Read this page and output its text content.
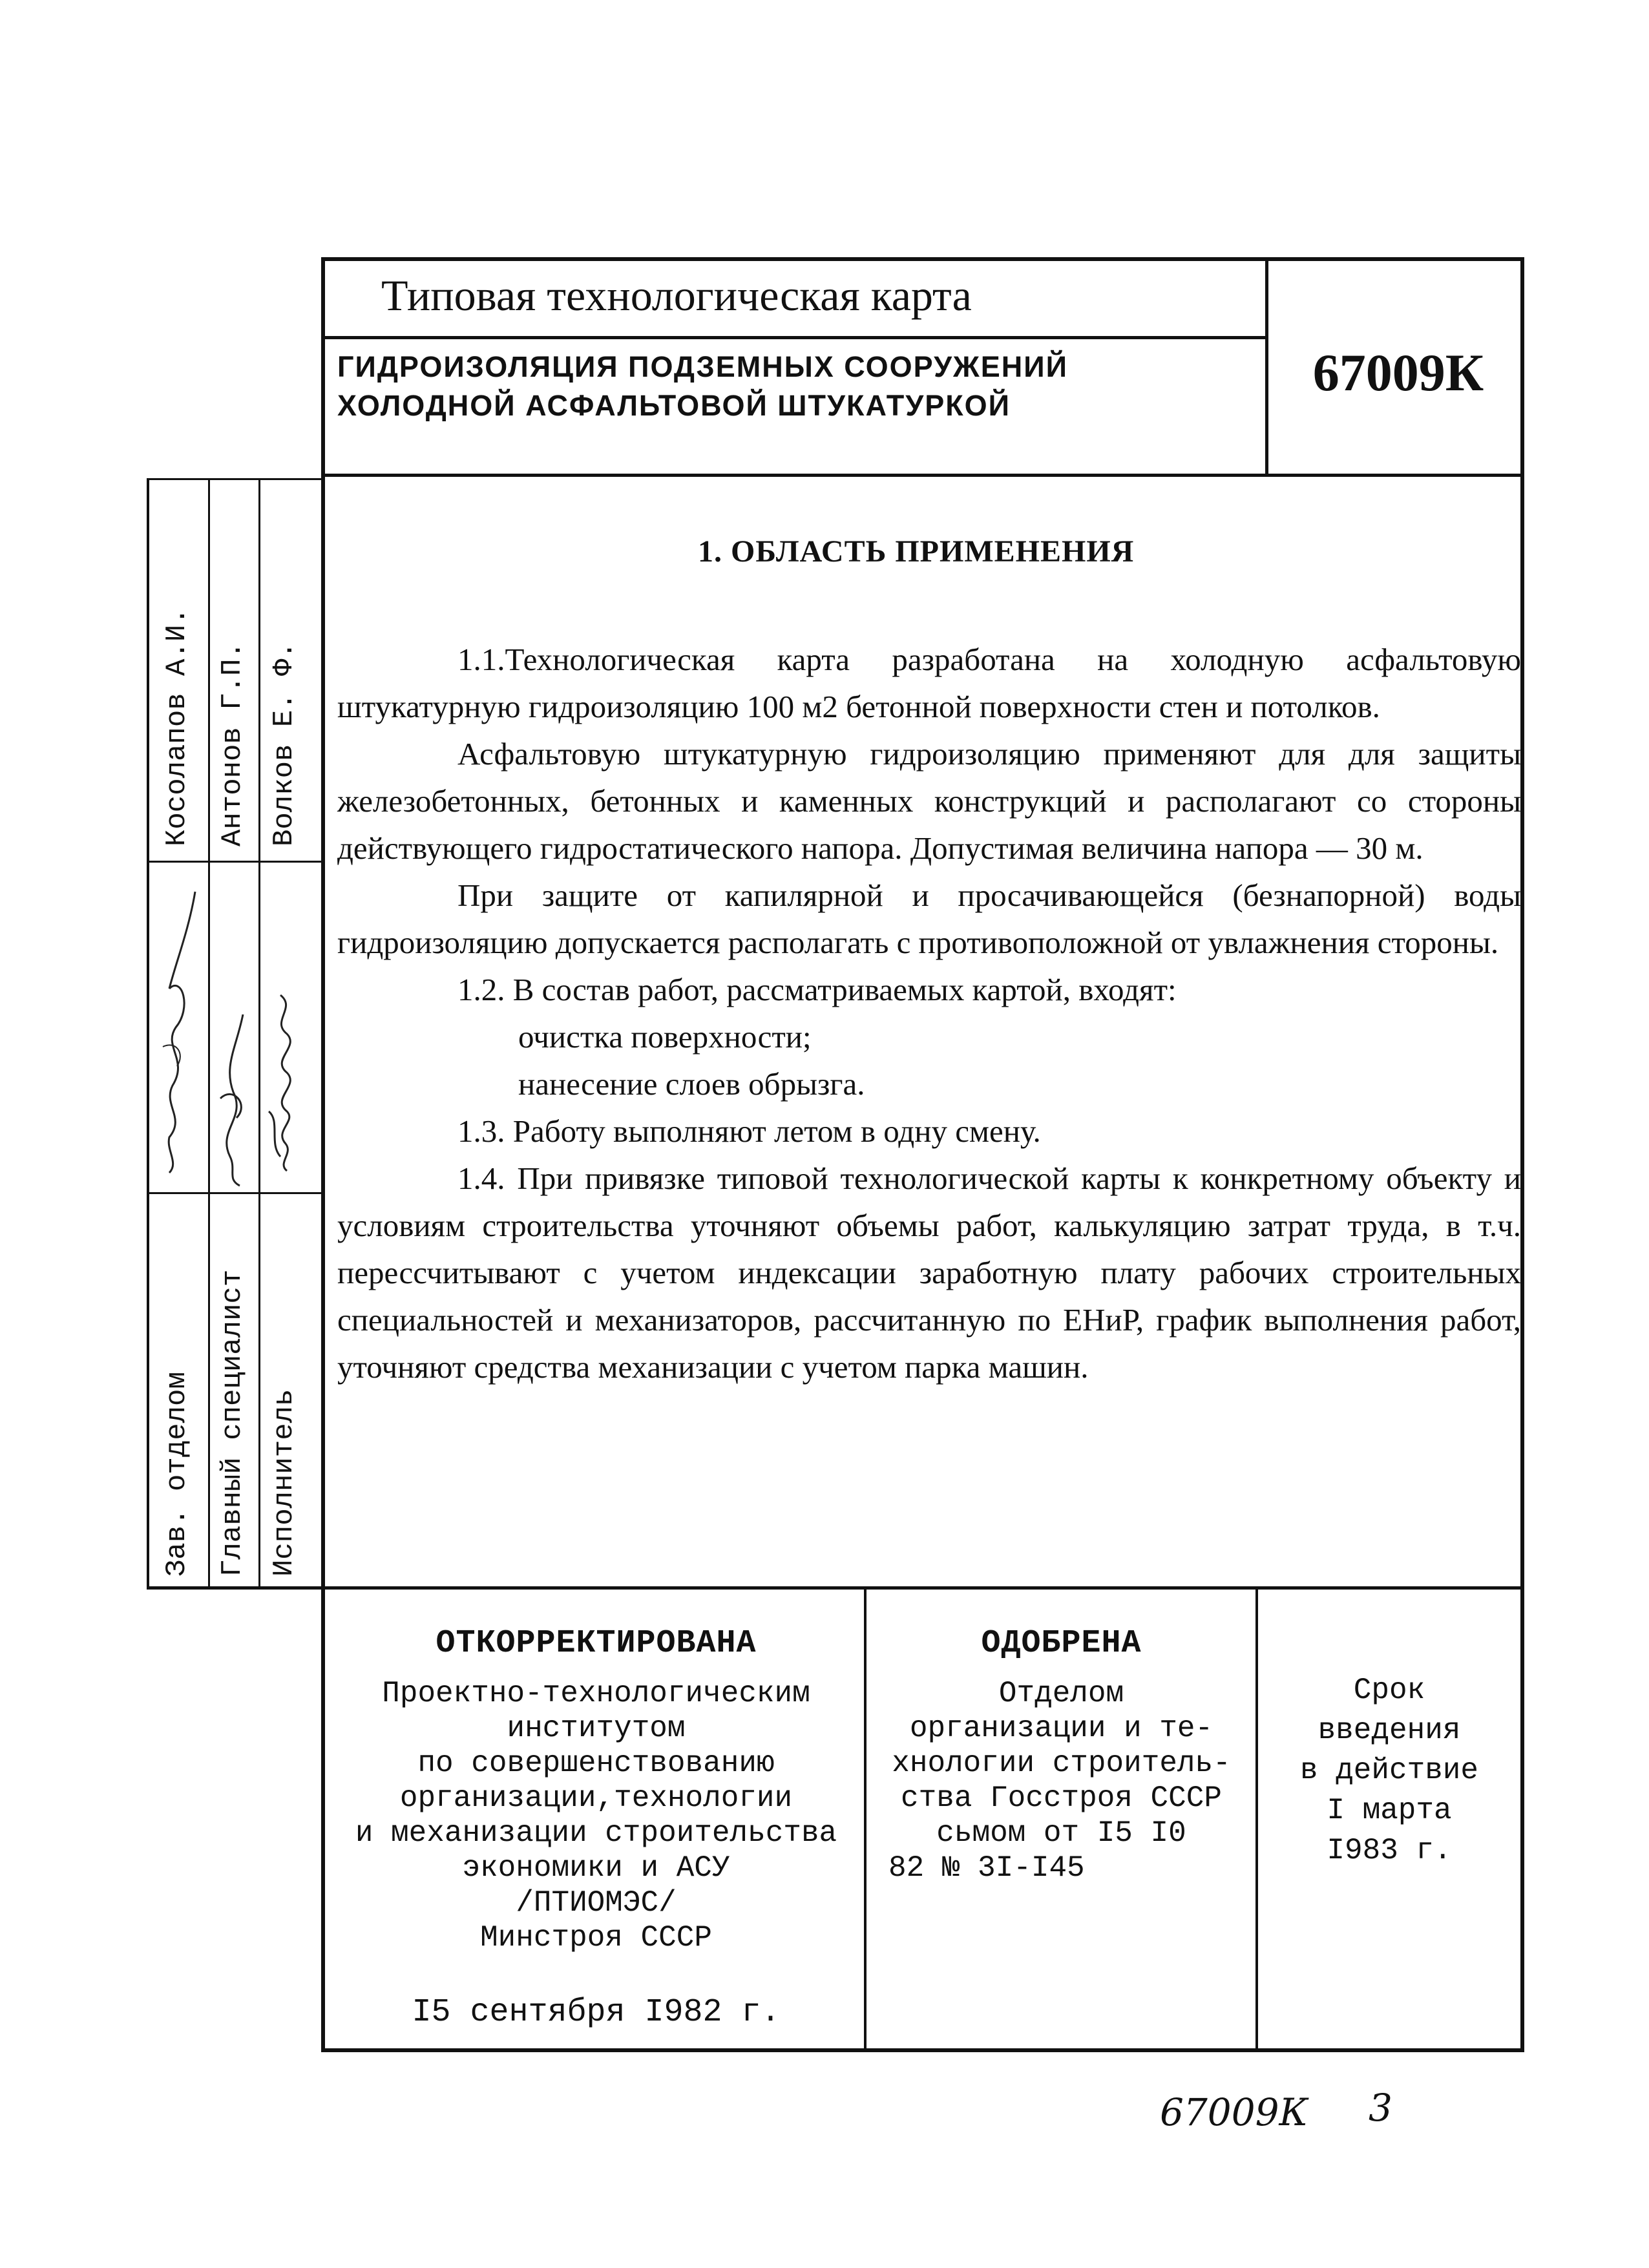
Косолапов А.И. Антонов Г.П. Волков Е. Ф.
Зав. отделом Главный специалист Исполнитель
Типовая технологическая карта
ГИДРОИЗОЛЯЦИЯ ПОДЗЕМНЫХ СООРУЖЕНИЙ
ХОЛОДНОЙ АСФАЛЬТОВОЙ ШТУКАТУРКОЙ
67009К
1. ОБЛАСТЬ ПРИМЕНЕНИЯ

1.1.Технологическая карта разработана на холодную асфальтовую штукатурную гидроизоляцию 100 м2 бетонной поверхности стен и потолков.

Асфальтовую штукатурную гидроизоляцию применяют для для защиты железобетонных, бетонных и каменных конструкций и располагают со стороны действующего гидростатического напора. Допустимая величина напора — 30 м.

При защите от капилярной и просачивающейся (безнапорной) воды гидроизоляцию допускается располагать с противоположной от увлажнения стороны.

1.2. В состав работ, рассматриваемых картой, входят:

очистка поверхности;

нанесение слоев обрызга.

1.3. Работу выполняют летом в одну смену.

1.4. При привязке типовой технологической карты к конкретному объекту и условиям строительства уточняют объемы работ, калькуляцию затрат труда, в т.ч. перессчитывают с учетом индексации заработную плату рабочих строительных специальностей и механизаторов, рассчитанную по ЕНиР, график выполнения работ, уточняют средства механизации с учетом парка машин.

ОТКОРРЕКТИРОВАНА
Проектно-технологическим
институтом
по совершенствованию
организации,технологии
и механизации строительства
экономики и АСУ
/ПТИОМЭС/
Минстроя СССР
I5 сентября I982 г.
ОДОБРЕНА
Отделом
организации и те-
хнологии строитель-
ства Госстроя СССР
сьмом от I5 I0
82 № 3I-I45
Срок
введения
в действие
I марта
I983 г.
67009К 3
